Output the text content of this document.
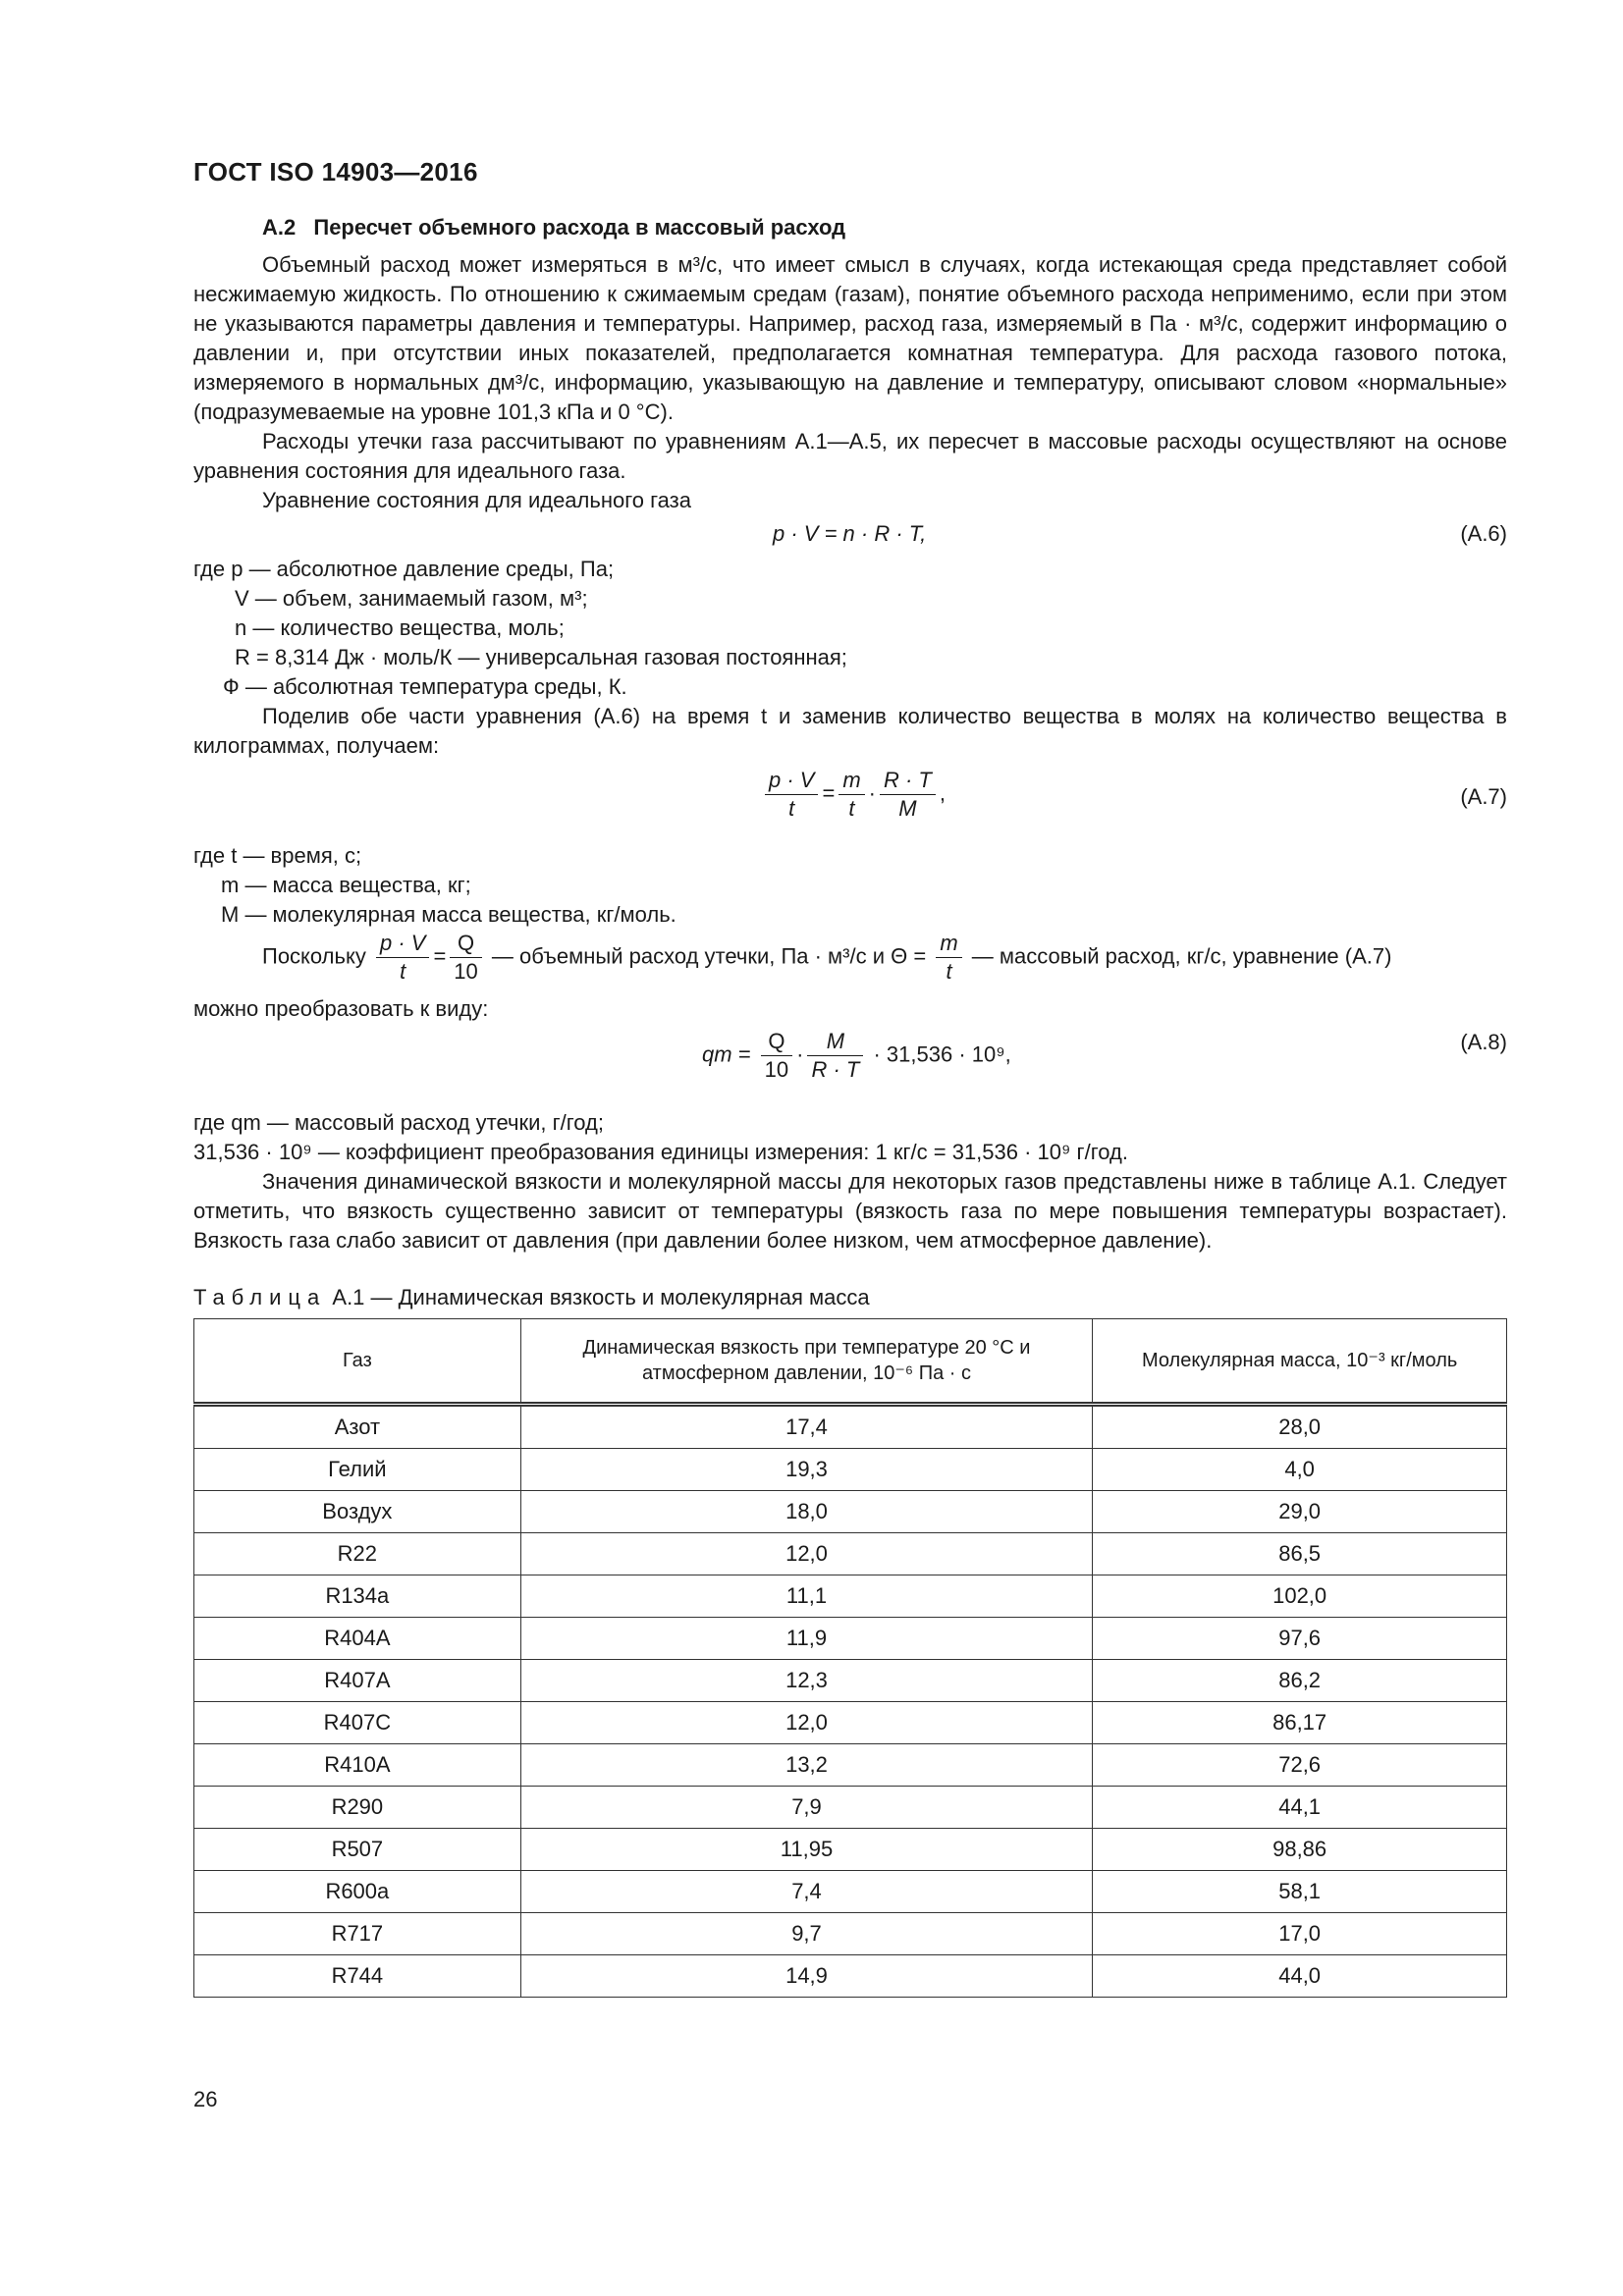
ГОСТ ISO 14903—2016
А.2 Пересчет объемного расхода в массовый расход

Объемный расход может измеряться в м³/с, что имеет смысл в случаях, когда истекающая среда представляет собой несжимаемую жидкость. По отношению к сжимаемым средам (газам), понятие объемного расхода неприменимо, если при этом не указываются параметры давления и температуры. Например, расход газа, измеряемый в Па · м³/с, содержит информацию о давлении и, при отсутствии иных показателей, предполагается комнатная температура. Для расхода газового потока, измеряемого в нормальных дм³/с, информацию, указывающую на давление и температуру, описывают словом «нормальные» (подразумеваемые на уровне 101,3 кПа и 0 °С).

Расходы утечки газа рассчитывают по уравнениям А.1—А.5, их пересчет в массовые расходы осуществляют на основе уравнения состояния для идеального газа.

Уравнение состояния для идеального газа

p · V = n · R · T,	(А.6)
где p — абсолютное давление среды, Па;
V — объем, занимаемый газом, м³;
n — количество вещества, моль;
R = 8,314 Дж · моль/К — универсальная газовая постоянная;
Ф — абсолютная температура среды, К.

Поделив обе части уравнения (А.6) на время t и заменив количество вещества в молях на количество вещества в килограммах, получаем:

$\frac{p \cdot V}{t} = \frac{m}{t} \cdot \frac{R \cdot T}{M}$ ,	(А.7)
где t — время, с;
m — масса вещества, кг;
M — молекулярная масса вещества, кг/моль.
Поскольку $\frac{p \cdot V}{t} = \frac{Q}{10}$ — объемный расход утечки, Па · м³/с и $\Theta = \frac{m}{t}$ — массовый расход, кг/с, уравнение (А.7)

можно преобразовать к виду:

qm = $\frac{Q}{10} \cdot \frac{M}{R \cdot T} \cdot 31,536 \cdot 10^9$,	(А.8)
где qm — массовый расход утечки, г/год;
31,536 · 10⁹ — коэффициент преобразования единицы измерения: 1 кг/с = 31,536 · 10⁹ г/год.

Значения динамической вязкости и молекулярной массы для некоторых газов представлены ниже в таблице А.1. Следует отметить, что вязкость существенно зависит от температуры (вязкость газа по мере повышения температуры возрастает). Вязкость газа слабо зависит от давления (при давлении более низком, чем атмосферное давление).

Таблица А.1 — Динамическая вязкость и молекулярная масса
Газ	Динамическая вязкость при температуре 20 °С и атмосферном давлении, 10⁻⁶ Па · с	Молекулярная масса, 10⁻³ кг/моль
Азот	17,4	28,0
Гелий	19,3	4,0
Воздух	18,0	29,0
R22	12,0	86,5
R134a	11,1	102,0
R404A	11,9	97,6
R407A	12,3	86,2
R407C	12,0	86,17
R410A	13,2	72,6
R290	7,9	44,1
R507	11,95	98,86
R600a	7,4	58,1
R717	9,7	17,0
R744	14,9	44,0
26
